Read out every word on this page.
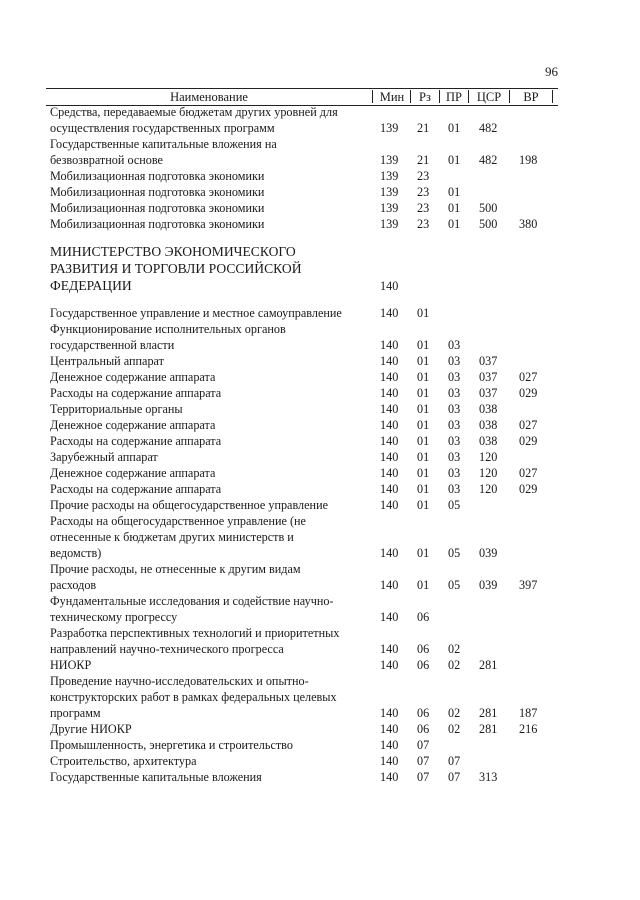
96
Наименование	Мин	Рз	ПР	ЦСР	ВР
Средства, передаваемые бюджетам других уровней для осуществления государственных программ	139 21 01 482
Государственные капитальные вложения на безвозвратной основе	139 21 01 482 198
Мобилизационная подготовка экономики	139 23
Мобилизационная подготовка экономики	139 23 01
Мобилизационная подготовка экономики	139 23 01 500
Мобилизационная подготовка экономики	139 23 01 500 380
МИНИСТЕРСТВО ЭКОНОМИЧЕСКОГО РАЗВИТИЯ И ТОРГОВЛИ РОССИЙСКОЙ ФЕДЕРАЦИИ	140
Государственное управление и местное самоуправление	140 01
Функционирование исполнительных органов государственной власти	140 01 03
Центральный аппарат	140 01 03 037
Денежное содержание аппарата	140 01 03 037 027
Расходы на содержание аппарата	140 01 03 037 029
Территориальные органы	140 01 03 038
Денежное содержание аппарата	140 01 03 038 027
Расходы на содержание аппарата	140 01 03 038 029
Зарубежный аппарат	140 01 03 120
Денежное содержание аппарата	140 01 03 120 027
Расходы на содержание аппарата	140 01 03 120 029
Прочие расходы на общегосударственное управление	140 01 05
Расходы на общегосударственное управление (не отнесенные к бюджетам других министерств и ведомств)	140 01 05 039
Прочие расходы, не отнесенные к другим видам расходов	140 01 05 039 397
Фундаментальные исследования и содействие научно-техническому прогрессу	140 06
Разработка перспективных технологий и приоритетных направлений научно-технического прогресса	140 06 02
НИОКР	140 06 02 281
Проведение научно-исследовательских и опытно-конструкторских работ в рамках федеральных целевых программ	140 06 02 281 187
Другие НИОКР	140 06 02 281 216
Промышленность, энергетика и строительство	140 07
Строительство, архитектура	140 07 07
Государственные капитальные вложения	140 07 07 313
